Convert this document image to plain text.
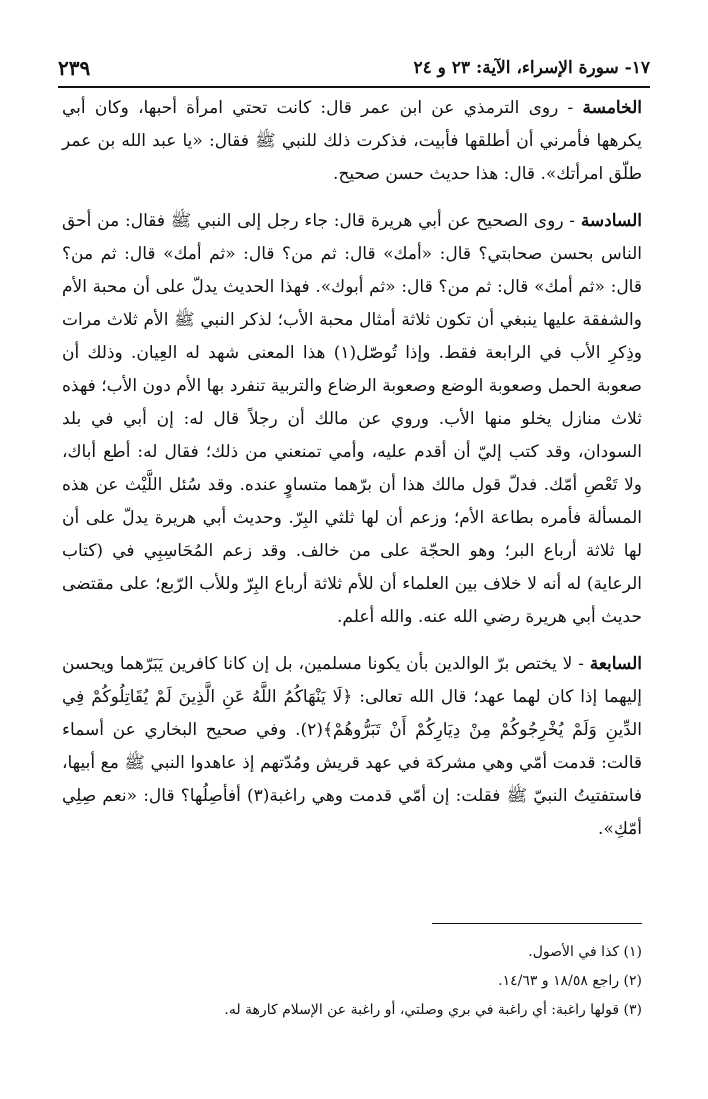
١٧- سورة الإسراء، الآية: ٢٣ و ٢٤
٢٣٩

الخامسة - روى الترمذي عن ابن عمر قال: كانت تحتي امرأة أحبها، وكان أبي يكرهها فأمرني أن أطلقها فأبيت، فذكرت ذلك للنبي ﷺ فقال: «يا عبد الله بن عمر طلّق امرأتك». قال: هذا حديث حسن صحيح.

السادسة - روى الصحيح عن أبي هريرة قال: جاء رجل إلى النبي ﷺ فقال: من أحق الناس بحسن صحابتي؟ قال: «أمك» قال: ثم من؟ قال: «ثم أمك» قال: ثم من؟ قال: «ثم أمك» قال: ثم من؟ قال: «ثم أبوك». فهذا الحديث يدلّ على أن محبة الأم والشفقة عليها ينبغي أن تكون ثلاثة أمثال محبة الأب؛ لذكر النبي ﷺ الأم ثلاث مرات وذِكرِ الأب في الرابعة فقط. وإذا تُوصّل(١) هذا المعنى شهد له العِيان. وذلك أن صعوبة الحمل وصعوبة الوضع وصعوبة الرضاع والتربية تنفرد بها الأم دون الأب؛ فهذه ثلاث منازل يخلو منها الأب. وروي عن مالك أن رجلاً قال له: إن أبي في بلد السودان، وقد كتب إليّ أن أقدم عليه، وأمي تمنعني من ذلك؛ فقال له: أطع أباك، ولا تَعْصِ أمّك. فدلّ قول مالك هذا أن برّهما متساوٍ عنده. وقد سُئل اللَّيْث عن هذه المسألة فأمره بطاعة الأم؛ وزعم أن لها ثلثي البِرّ. وحديث أبي هريرة يدلّ على أن لها ثلاثة أرباع البر؛ وهو الحجّة على من خالف. وقد زعم المُحَاسِبِي في (كتاب الرعاية) له أنه لا خلاف بين العلماء أن للأم ثلاثة أرباع البِرّ وللأب الرّبع؛ على مقتضى حديث أبي هريرة رضي الله عنه. والله أعلم.

السابعة - لا يختص برّ الوالدين بأن يكونا مسلمين، بل إن كانا كافرين يَبَرّهما ويحسن إليهما إذا كان لهما عهد؛ قال الله تعالى: ﴿لَا يَنْهَاكُمُ اللَّهُ عَنِ الَّذِينَ لَمْ يُقَاتِلُوكُمْ فِي الدِّينِ وَلَمْ يُخْرِجُوكُمْ مِنْ دِيَارِكُمْ أَنْ تَبَرُّوهُمْ﴾(٢). وفي صحيح البخاري عن أسماء قالت: قدمت أمّي وهي مشركة في عهد قريش ومُدّتهم إذ عاهدوا النبي ﷺ مع أبيها، فاستفتيتُ النبيّ ﷺ فقلت: إن أمّي قدمت وهي راغبة(٣) أفأصِلُها؟ قال: «نعم صِلِي أمّكِ».

(١) كذا في الأصول.

(٢) راجع ١٨/٥٨ و ١٤/٦٣.

(٣) قولها راغبة: أي راغبة في بري وصلتي، أو راغبة عن الإسلام كارهة له.
